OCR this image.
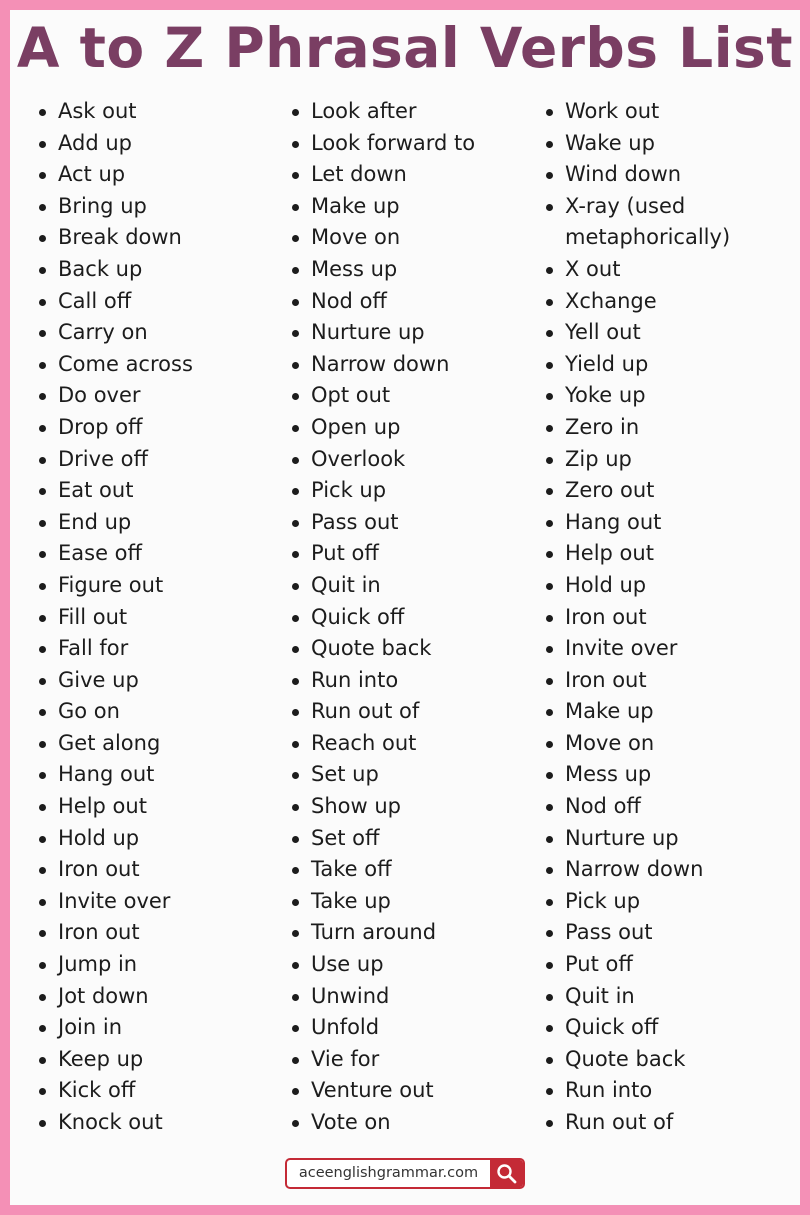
A to Z Phrasal Verbs List
Ask out
Add up
Act up
Bring up
Break down
Back up
Call off
Carry on
Come across
Do over
Drop off
Drive off
Eat out
End up
Ease off
Figure out
Fill out
Fall for
Give up
Go on
Get along
Hang out
Help out
Hold up
Iron out
Invite over
Iron out
Jump in
Jot down
Join in
Keep up
Kick off
Knock out
Look after
Look forward to
Let down
Make up
Move on
Mess up
Nod off
Nurture up
Narrow down
Opt out
Open up
Overlook
Pick up
Pass out
Put off
Quit in
Quick off
Quote back
Run into
Run out of
Reach out
Set up
Show up
Set off
Take off
Take up
Turn around
Use up
Unwind
Unfold
Vie for
Venture out
Vote on
Work out
Wake up
Wind down
X-ray (used metaphorically)
X out
Xchange
Yell out
Yield up
Yoke up
Zero in
Zip up
Zero out
Hang out
Help out
Hold up
Iron out
Invite over
Iron out
Make up
Move on
Mess up
Nod off
Nurture up
Narrow down
Pick up
Pass out
Put off
Quit in
Quick off
Quote back
Run into
Run out of
aceenglishgrammar.com
